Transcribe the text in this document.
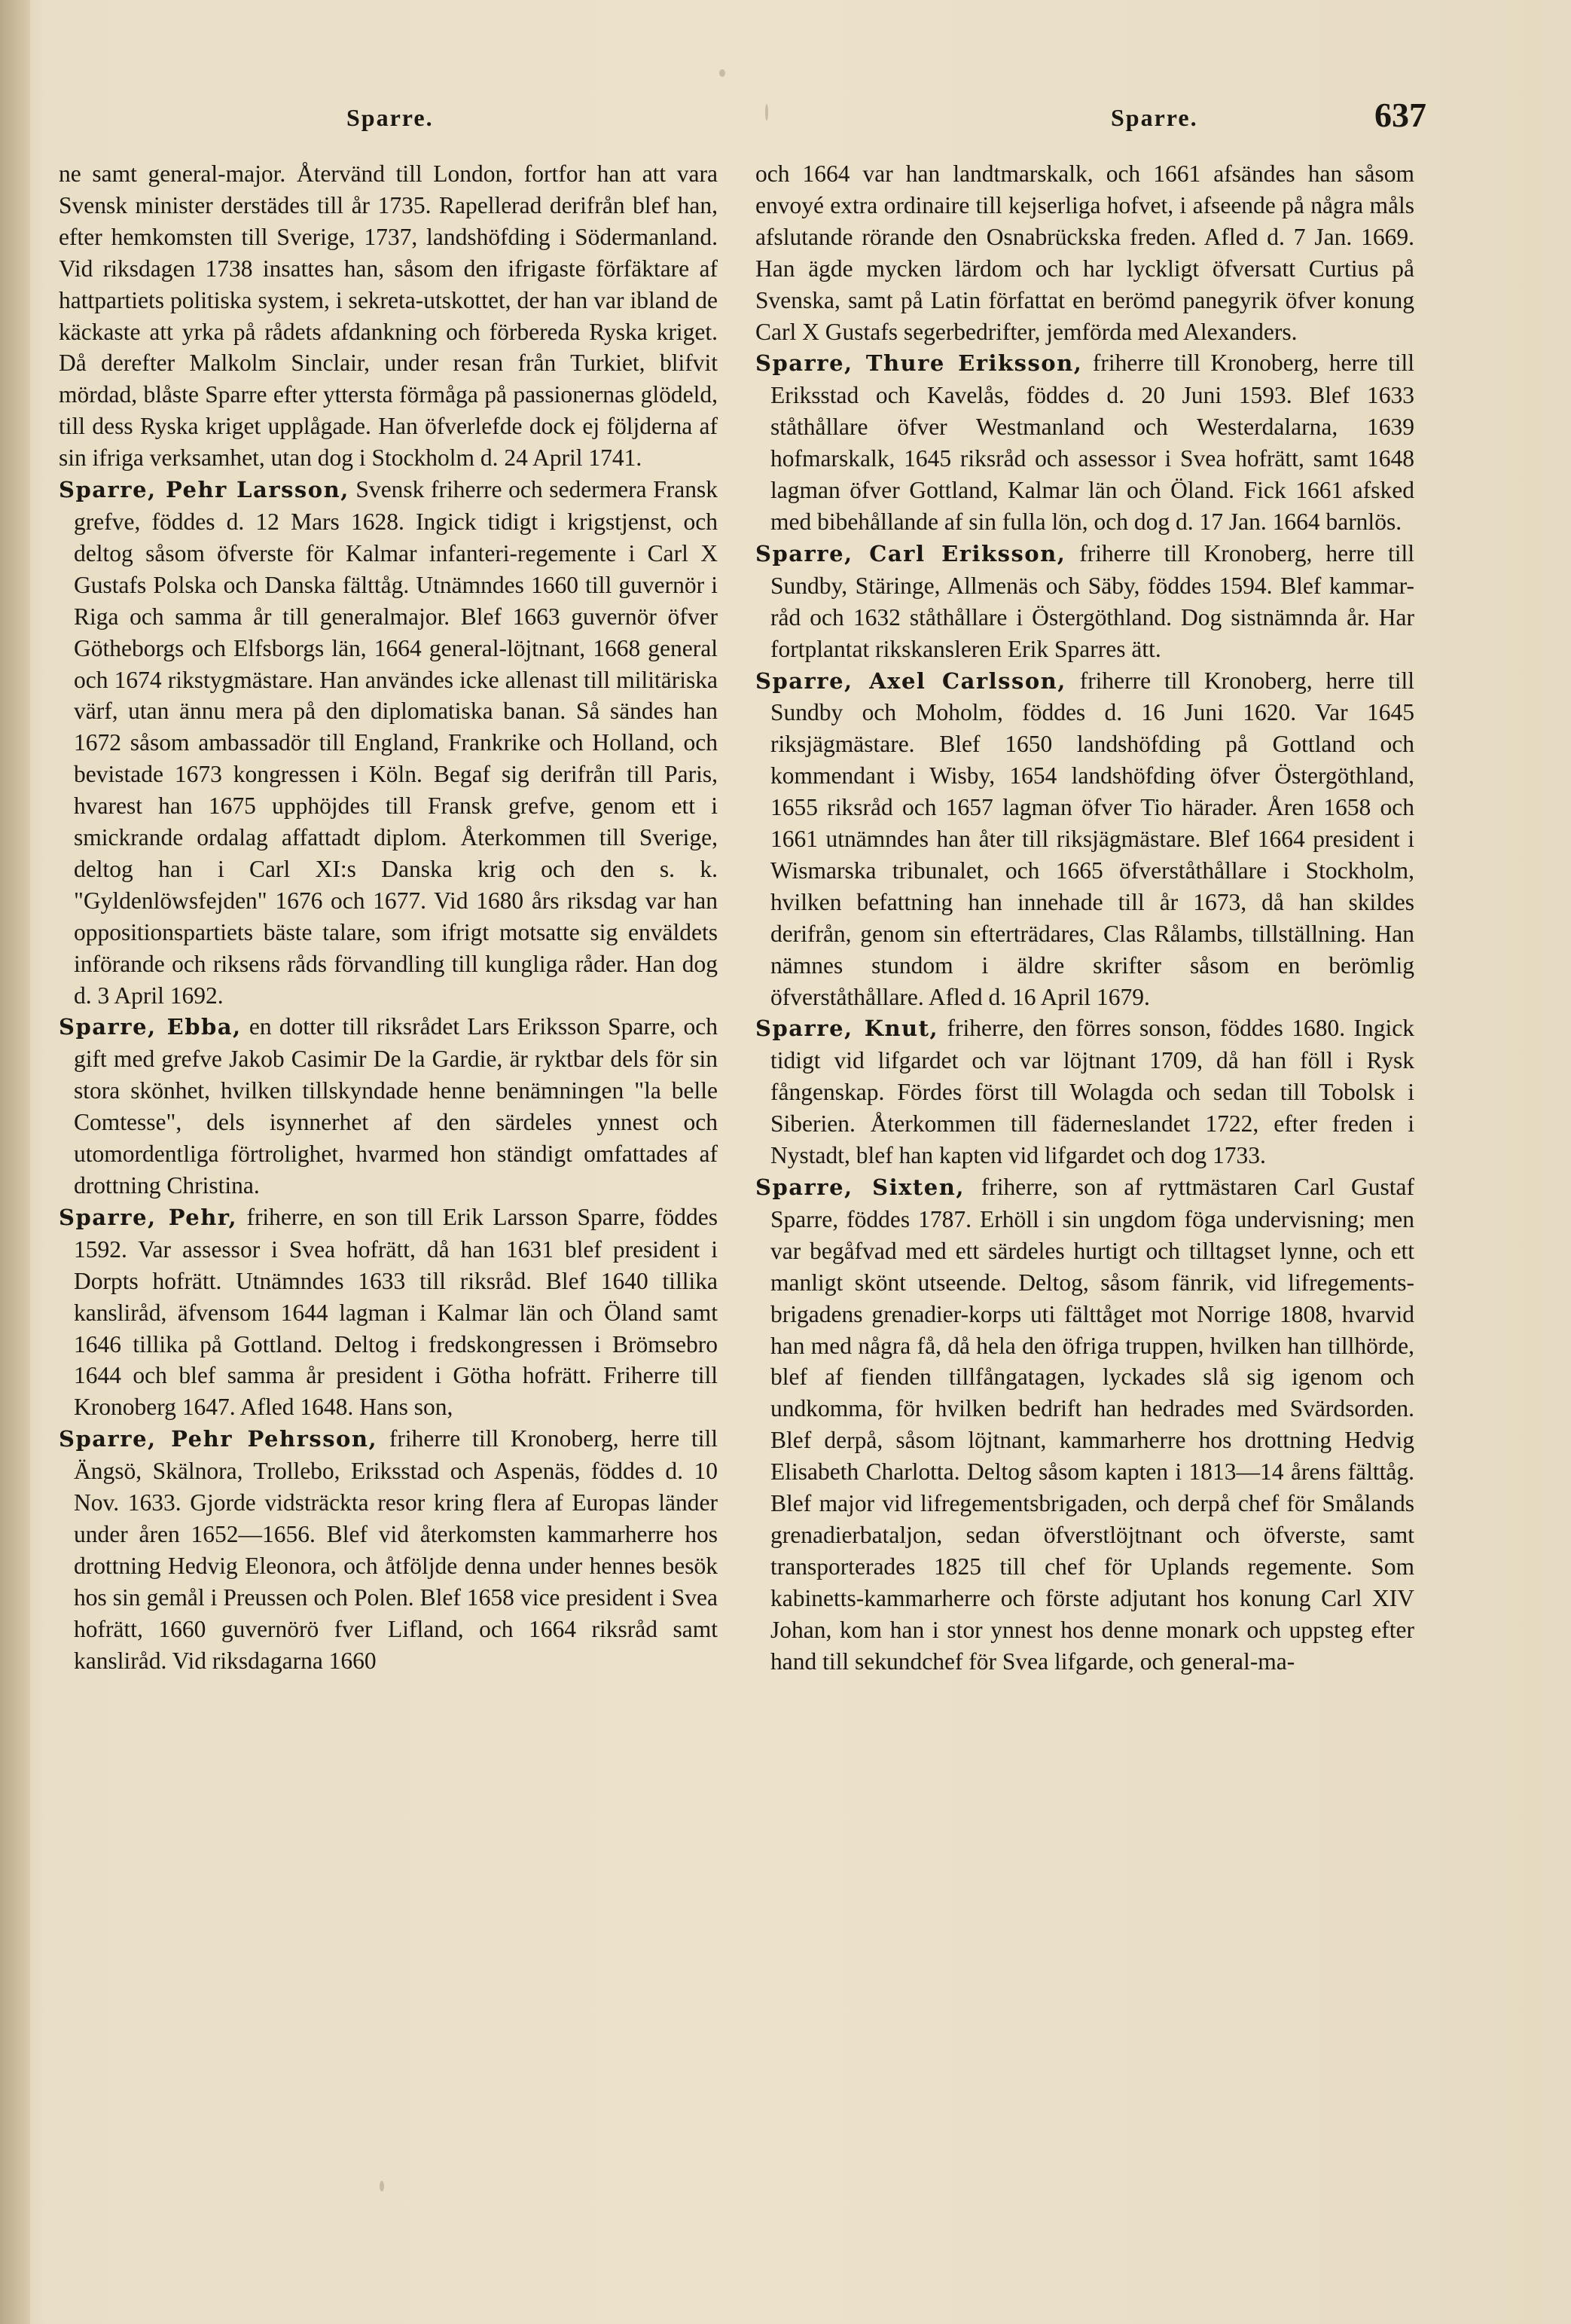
Sparre.	Sparre.	637

ne samt general-major. Återvänd till London, fortfor han att vara Svensk minister derstädes till år 1735. Rapellerad derifrån blef han, efter hemkomsten till Sverige, 1737, landshöfding i Södermanland. Vid riksdagen 1738 insattes han, såsom den ifrigaste förfäktare af hattpartiets politiska system, i sekreta-utskottet, der han var ibland de käckaste att yrka på rådets afdankning och förbereda Ryska kriget. Då derefter Malkolm Sinclair, under resan från Turkiet, blifvit mördad, blåste Sparre efter yttersta förmåga på passionernas glödeld, till dess Ryska kriget upplågade. Han öfverlefde dock ej följderna af sin ifriga verksamhet, utan dog i Stockholm d. 24 April 1741.

Sparre, Pehr Larsson, Svensk friherre och sedermera Fransk grefve, föddes d. 12 Mars 1628. Ingick tidigt i krigstjenst, och deltog såsom öfverste för Kalmar infanteri-regemente i Carl X Gustafs Polska och Danska fälttåg. Utnämndes 1660 till guvernör i Riga och samma år till generalmajor. Blef 1663 guvernör öfver Götheborgs och Elfsborgs län, 1664 general-löjtnant, 1668 general och 1674 rikstygmästare. Han användes icke allenast till militäriska värf, utan ännu mera på den diplomatiska banan. Så sändes han 1672 såsom ambassadör till England, Frankrike och Holland, och bevistade 1673 kongressen i Köln. Begaf sig derifrån till Paris, hvarest han 1675 upphöjdes till Fransk grefve, genom ett i smickrande ordalag affattadt diplom. Återkommen till Sverige, deltog han i Carl XI:s Danska krig och den s. k. "Gyldenlöwsfejden" 1676 och 1677. Vid 1680 års riksdag var han oppositionspartiets bäste talare, som ifrigt motsatte sig enväldets införande och riksens råds förvandling till kungliga råder. Han dog d. 3 April 1692.

Sparre, Ebba, en dotter till riksrådet Lars Eriksson Sparre, och gift med grefve Jakob Casimir De la Gardie, är ryktbar dels för sin stora skönhet, hvilken tillskyndade henne benämningen "la belle Comtesse", dels isynnerhet af den särdeles ynnest och utomordentliga förtrolighet, hvarmed hon ständigt omfattades af drottning Christina.

Sparre, Pehr, friherre, en son till Erik Larsson Sparre, föddes 1592. Var assessor i Svea hofrätt, då han 1631 blef president i Dorpts hofrätt. Utnämndes 1633 till riksråd. Blef 1640 tillika kansliråd, äfvensom 1644 lagman i Kalmar län och Öland samt 1646 tillika på Gottland. Deltog i fredskongressen i Brömsebro 1644 och blef samma år president i Götha hofrätt. Friherre till Kronoberg 1647. Afled 1648. Hans son,

Sparre, Pehr Pehrsson, friherre till Kronoberg, herre till Ängsö, Skälnora, Trollebo, Eriksstad och Aspenäs, föddes d. 10 Nov. 1633. Gjorde vidsträckta resor kring flera af Europas länder under åren 1652—1656. Blef vid återkomsten kammarherre hos drottning Hedvig Eleonora, och åtföljde denna under hennes besök hos sin gemål i Preussen och Polen. Blef 1658 vice president i Svea hofrätt, 1660 guvernörö fver Lifland, och 1664 riksråd samt kansliråd. Vid riksdagarna 1660

och 1664 var han landtmarskalk, och 1661 afsändes han såsom envoyé extra ordinaire till kejserliga hofvet, i afseende på några måls afslutande rörande den Osnabrückska freden. Afled d. 7 Jan. 1669. Han ägde mycken lärdom och har lyckligt öfversatt Curtius på Svenska, samt på Latin författat en berömd panegyrik öfver konung Carl X Gustafs segerbedrifter, jemförda med Alexanders.

Sparre, Thure Eriksson, friherre till Kronoberg, herre till Eriksstad och Kavelås, föddes d. 20 Juni 1593. Blef 1633 ståthållare öfver Westmanland och Westerdalarna, 1639 hofmarskalk, 1645 riksråd och assessor i Svea hofrätt, samt 1648 lagman öfver Gottland, Kalmar län och Öland. Fick 1661 afsked med bibehållande af sin fulla lön, och dog d. 17 Jan. 1664 barnlös.

Sparre, Carl Eriksson, friherre till Kronoberg, herre till Sundby, Stäringe, Allmenäs och Säby, föddes 1594. Blef kammar-råd och 1632 ståthållare i Östergöthland. Dog sistnämnda år. Har fortplantat rikskansleren Erik Sparres ätt.

Sparre, Axel Carlsson, friherre till Kronoberg, herre till Sundby och Moholm, föddes d. 16 Juni 1620. Var 1645 riksjägmästare. Blef 1650 landshöfding på Gottland och kommendant i Wisby, 1654 landshöfding öfver Östergöthland, 1655 riksråd och 1657 lagman öfver Tio härader. Åren 1658 och 1661 utnämndes han åter till riksjägmästare. Blef 1664 president i Wismarska tribunalet, och 1665 öfverståthållare i Stockholm, hvilken befattning han innehade till år 1673, då han skildes derifrån, genom sin efterträdares, Clas Rålambs, tillställning. Han nämnes stundom i äldre skrifter såsom en berömlig öfverståthållare. Afled d. 16 April 1679.

Sparre, Knut, friherre, den förres sonson, föddes 1680. Ingick tidigt vid lifgardet och var löjtnant 1709, då han föll i Rysk fångenskap. Fördes först till Wolagda och sedan till Tobolsk i Siberien. Återkommen till fäderneslandet 1722, efter freden i Nystadt, blef han kapten vid lifgardet och dog 1733.

Sparre, Sixten, friherre, son af ryttmästaren Carl Gustaf Sparre, föddes 1787. Erhöll i sin ungdom föga undervisning; men var begåfvad med ett särdeles hurtigt och tilltagset lynne, och ett manligt skönt utseende. Deltog, såsom fänrik, vid lifregements-brigadens grenadier-korps uti fälttåget mot Norrige 1808, hvarvid han med några få, då hela den öfriga truppen, hvilken han tillhörde, blef af fienden tillfångatagen, lyckades slå sig igenom och undkomma, för hvilken bedrift han hedrades med Svärdsorden. Blef derpå, såsom löjtnant, kammarherre hos drottning Hedvig Elisabeth Charlotta. Deltog såsom kapten i 1813—14 årens fälttåg. Blef major vid lifregementsbrigaden, och derpå chef för Smålands grenadierbataljon, sedan öfverstlöjtnant och öfverste, samt transporterades 1825 till chef för Uplands regemente. Som kabinetts-kammarherre och förste adjutant hos konung Carl XIV Johan, kom han i stor ynnest hos denne monark och uppsteg efter hand till sekundchef för Svea lifgarde, och general-ma-
